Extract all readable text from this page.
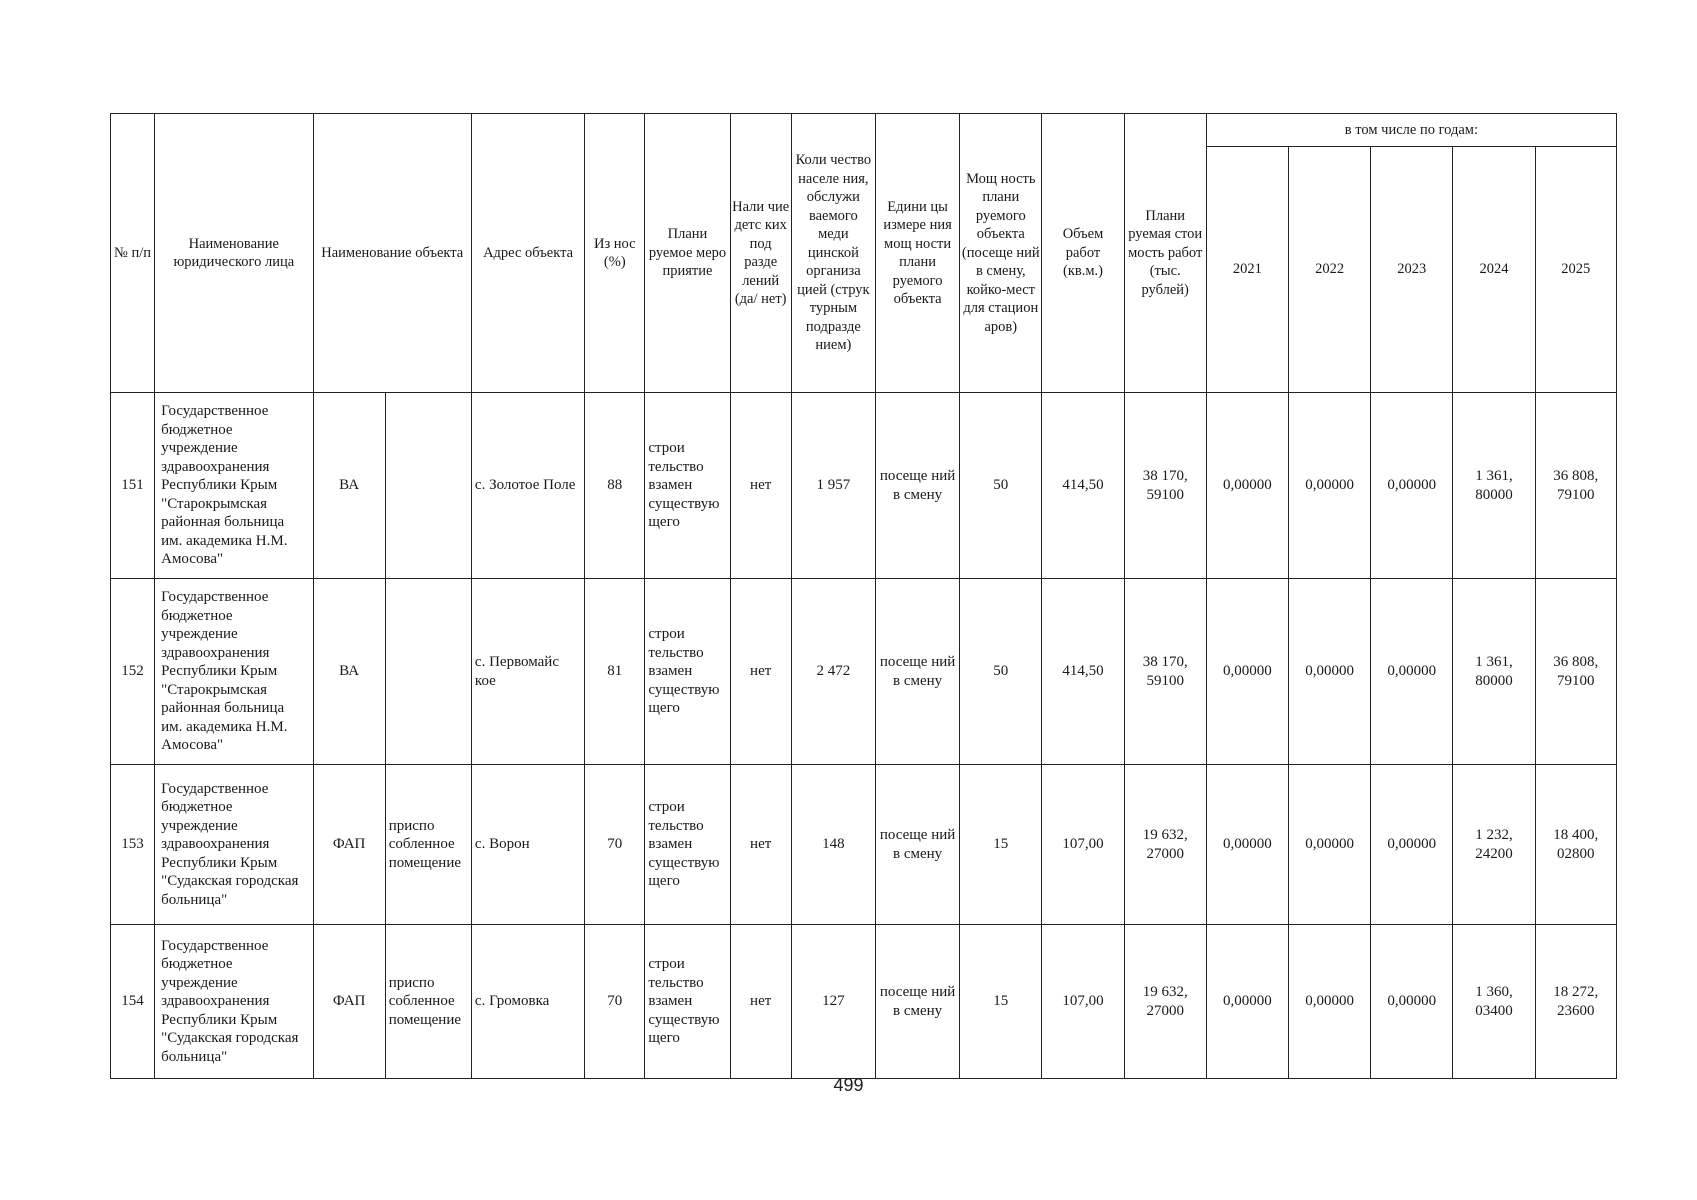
№ п/п	Наименование юридического лица	Наименование объекта		Адрес объекта	Из нос (%)	Плани руемое меро приятие	Нали чие детс ких под разде лений (да/ нет)	Коли чество населе ния, обслужи ваемого меди цинской организа цией (струк турным подразде нием)	Едини цы измере ния мощ ности плани руемого объекта	Мощ ность плани руемого объекта (посеще ний в смену, койко-мест для стацион аров)	Объем работ (кв.м.)	Плани руемая стои мость работ (тыс. рублей)	в том числе по годам:				
													2021	2022	2023	2024	2025
151	Государственное бюджетное учреждение здравоохранения Республики Крым "Старокрымская районная больница им. академика Н.М. Амосова"	ВА		с. Золотое Поле	88	строи тельство взамен существующего	нет	1 957	посеще ний в смену	50	414,50	38 170, 59100	0,00000	0,00000	0,00000	1 361, 80000	36 808, 79100
152	Государственное бюджетное учреждение здравоохранения Республики Крым "Старокрымская районная больница им. академика Н.М. Амосова"	ВА		с. Первомайс кое	81	строи тельство взамен существующего	нет	2 472	посеще ний в смену	50	414,50	38 170, 59100	0,00000	0,00000	0,00000	1 361, 80000	36 808, 79100
153	Государственное бюджетное учреждение здравоохранения Республики Крым "Судакская городская больница"	ФАП	приспо собленное помещение	с. Ворон	70	строи тельство взамен существующего	нет	148	посеще ний в смену	15	107,00	19 632, 27000	0,00000	0,00000	0,00000	1 232, 24200	18 400, 02800
154	Государственное бюджетное учреждение здравоохранения Республики Крым "Судакская городская больница"	ФАП	приспо собленное помещение	с. Громовка	70	строи тельство взамен существующего	нет	127	посеще ний в смену	15	107,00	19 632, 27000	0,00000	0,00000	0,00000	1 360, 03400	18 272, 23600
499
